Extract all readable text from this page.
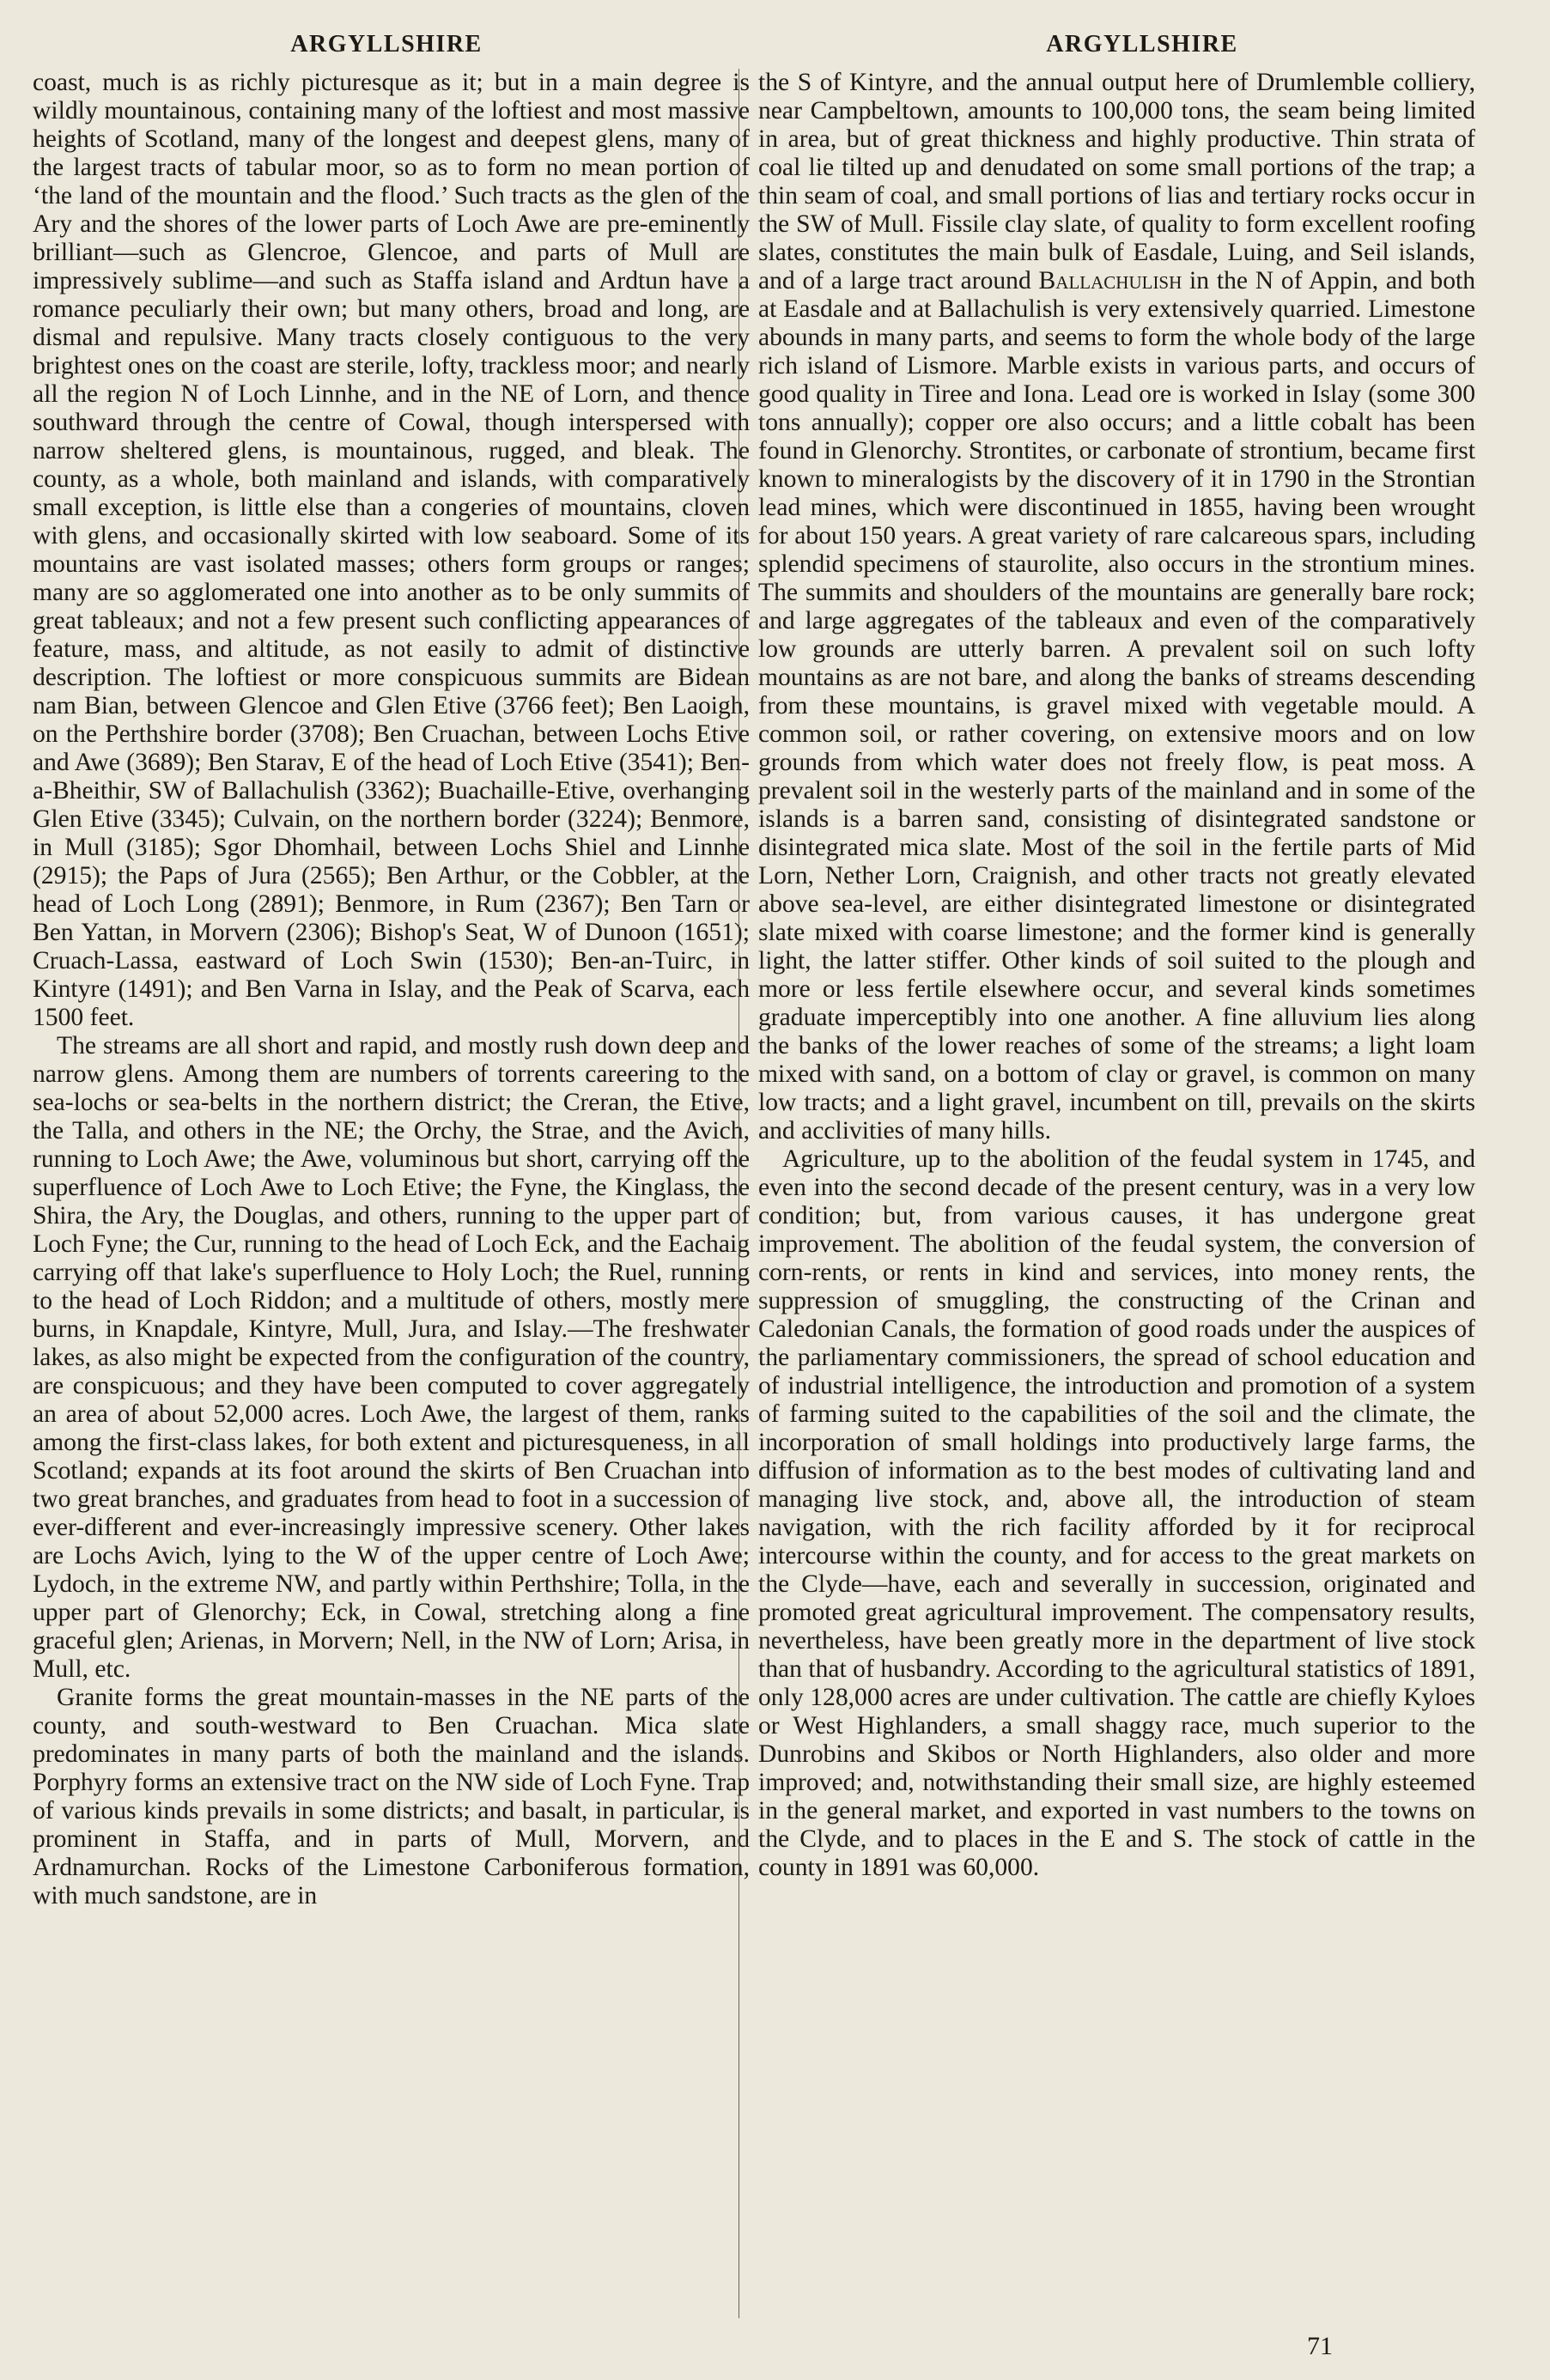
ARGYLLSHIRE	ARGYLLSHIRE

coast, much is as richly picturesque as it; but in a main degree is wildly mountainous, containing many of the loftiest and most massive heights of Scotland, many of the longest and deepest glens, many of the largest tracts of tabular moor, so as to form no mean portion of ‘the land of the mountain and the flood.’ Such tracts as the glen of the Ary and the shores of the lower parts of Loch Awe are pre-eminently brilliant—such as Glencroe, Glencoe, and parts of Mull are impressively sublime—and such as Staffa island and Ardtun have a romance peculiarly their own; but many others, broad and long, are dismal and repulsive. Many tracts closely contiguous to the very brightest ones on the coast are sterile, lofty, trackless moor; and nearly all the region N of Loch Linnhe, and in the NE of Lorn, and thence southward through the centre of Cowal, though interspersed with narrow sheltered glens, is mountainous, rugged, and bleak. The county, as a whole, both mainland and islands, with comparatively small exception, is little else than a congeries of mountains, cloven with glens, and occasionally skirted with low seaboard. Some of its mountains are vast isolated masses; others form groups or ranges; many are so agglomerated one into another as to be only summits of great tableaux; and not a few present such conflicting appearances of feature, mass, and altitude, as not easily to admit of distinctive description. The loftiest or more conspicuous summits are Bidean nam Bian, between Glencoe and Glen Etive (3766 feet); Ben Laoigh, on the Perthshire border (3708); Ben Cruachan, between Lochs Etive and Awe (3689); Ben Starav, E of the head of Loch Etive (3541); Ben-a-Bheithir, SW of Ballachulish (3362); Buachaille-Etive, overhanging Glen Etive (3345); Culvain, on the northern border (3224); Benmore, in Mull (3185); Sgor Dhomhail, between Lochs Shiel and Linnhe (2915); the Paps of Jura (2565); Ben Arthur, or the Cobbler, at the head of Loch Long (2891); Benmore, in Rum (2367); Ben Tarn or Ben Yattan, in Morvern (2306); Bishop's Seat, W of Dunoon (1651); Cruach-Lassa, eastward of Loch Swin (1530); Ben-an-Tuirc, in Kintyre (1491); and Ben Varna in Islay, and the Peak of Scarva, each 1500 feet.

The streams are all short and rapid, and mostly rush down deep and narrow glens. Among them are numbers of torrents careering to the sea-lochs or sea-belts in the northern district; the Creran, the Etive, the Talla, and others in the NE; the Orchy, the Strae, and the Avich, running to Loch Awe; the Awe, voluminous but short, carrying off the superfluence of Loch Awe to Loch Etive; the Fyne, the Kinglass, the Shira, the Ary, the Douglas, and others, running to the upper part of Loch Fyne; the Cur, running to the head of Loch Eck, and the Eachaig carrying off that lake's superfluence to Holy Loch; the Ruel, running to the head of Loch Riddon; and a multitude of others, mostly mere burns, in Knapdale, Kintyre, Mull, Jura, and Islay.—The freshwater lakes, as also might be expected from the configuration of the country, are conspicuous; and they have been computed to cover aggregately an area of about 52,000 acres. Loch Awe, the largest of them, ranks among the first-class lakes, for both extent and picturesqueness, in all Scotland; expands at its foot around the skirts of Ben Cruachan into two great branches, and graduates from head to foot in a succession of ever-different and ever-increasingly impressive scenery. Other lakes are Lochs Avich, lying to the W of the upper centre of Loch Awe; Lydoch, in the extreme NW, and partly within Perthshire; Tolla, in the upper part of Glenorchy; Eck, in Cowal, stretching along a fine graceful glen; Arienas, in Morvern; Nell, in the NW of Lorn; Arisa, in Mull, etc.

Granite forms the great mountain-masses in the NE parts of the county, and south-westward to Ben Cruachan. Mica slate predominates in many parts of both the mainland and the islands. Porphyry forms an extensive tract on the NW side of Loch Fyne. Trap of various kinds prevails in some districts; and basalt, in particular, is prominent in Staffa, and in parts of Mull, Morvern, and Ardnamurchan. Rocks of the Limestone Carboniferous formation, with much sandstone, are in

the S of Kintyre, and the annual output here of Drumlemble colliery, near Campbeltown, amounts to 100,000 tons, the seam being limited in area, but of great thickness and highly productive. Thin strata of coal lie tilted up and denudated on some small portions of the trap; a thin seam of coal, and small portions of lias and tertiary rocks occur in the SW of Mull. Fissile clay slate, of quality to form excellent roofing slates, constitutes the main bulk of Easdale, Luing, and Seil islands, and of a large tract around Ballachulish in the N of Appin, and both at Easdale and at Ballachulish is very extensively quarried. Limestone abounds in many parts, and seems to form the whole body of the large rich island of Lismore. Marble exists in various parts, and occurs of good quality in Tiree and Iona. Lead ore is worked in Islay (some 300 tons annually); copper ore also occurs; and a little cobalt has been found in Glenorchy. Strontites, or carbonate of strontium, became first known to mineralogists by the discovery of it in 1790 in the Strontian lead mines, which were discontinued in 1855, having been wrought for about 150 years. A great variety of rare calcareous spars, including splendid specimens of staurolite, also occurs in the strontium mines. The summits and shoulders of the mountains are generally bare rock; and large aggregates of the tableaux and even of the comparatively low grounds are utterly barren. A prevalent soil on such lofty mountains as are not bare, and along the banks of streams descending from these mountains, is gravel mixed with vegetable mould. A common soil, or rather covering, on extensive moors and on low grounds from which water does not freely flow, is peat moss. A prevalent soil in the westerly parts of the mainland and in some of the islands is a barren sand, consisting of disintegrated sandstone or disintegrated mica slate. Most of the soil in the fertile parts of Mid Lorn, Nether Lorn, Craignish, and other tracts not greatly elevated above sea-level, are either disintegrated limestone or disintegrated slate mixed with coarse limestone; and the former kind is generally light, the latter stiffer. Other kinds of soil suited to the plough and more or less fertile elsewhere occur, and several kinds sometimes graduate imperceptibly into one another. A fine alluvium lies along the banks of the lower reaches of some of the streams; a light loam mixed with sand, on a bottom of clay or gravel, is common on many low tracts; and a light gravel, incumbent on till, prevails on the skirts and acclivities of many hills.

Agriculture, up to the abolition of the feudal system in 1745, and even into the second decade of the present century, was in a very low condition; but, from various causes, it has undergone great improvement. The abolition of the feudal system, the conversion of corn-rents, or rents in kind and services, into money rents, the suppression of smuggling, the constructing of the Crinan and Caledonian Canals, the formation of good roads under the auspices of the parliamentary commissioners, the spread of school education and of industrial intelligence, the introduction and promotion of a system of farming suited to the capabilities of the soil and the climate, the incorporation of small holdings into productively large farms, the diffusion of information as to the best modes of cultivating land and managing live stock, and, above all, the introduction of steam navigation, with the rich facility afforded by it for reciprocal intercourse within the county, and for access to the great markets on the Clyde—have, each and severally in succession, originated and promoted great agricultural improvement. The compensatory results, nevertheless, have been greatly more in the department of live stock than that of husbandry. According to the agricultural statistics of 1891, only 128,000 acres are under cultivation. The cattle are chiefly Kyloes or West Highlanders, a small shaggy race, much superior to the Dunrobins and Skibos or North Highlanders, also older and more improved; and, notwithstanding their small size, are highly esteemed in the general market, and exported in vast numbers to the towns on the Clyde, and to places in the E and S. The stock of cattle in the county in 1891 was 60,000.

71
